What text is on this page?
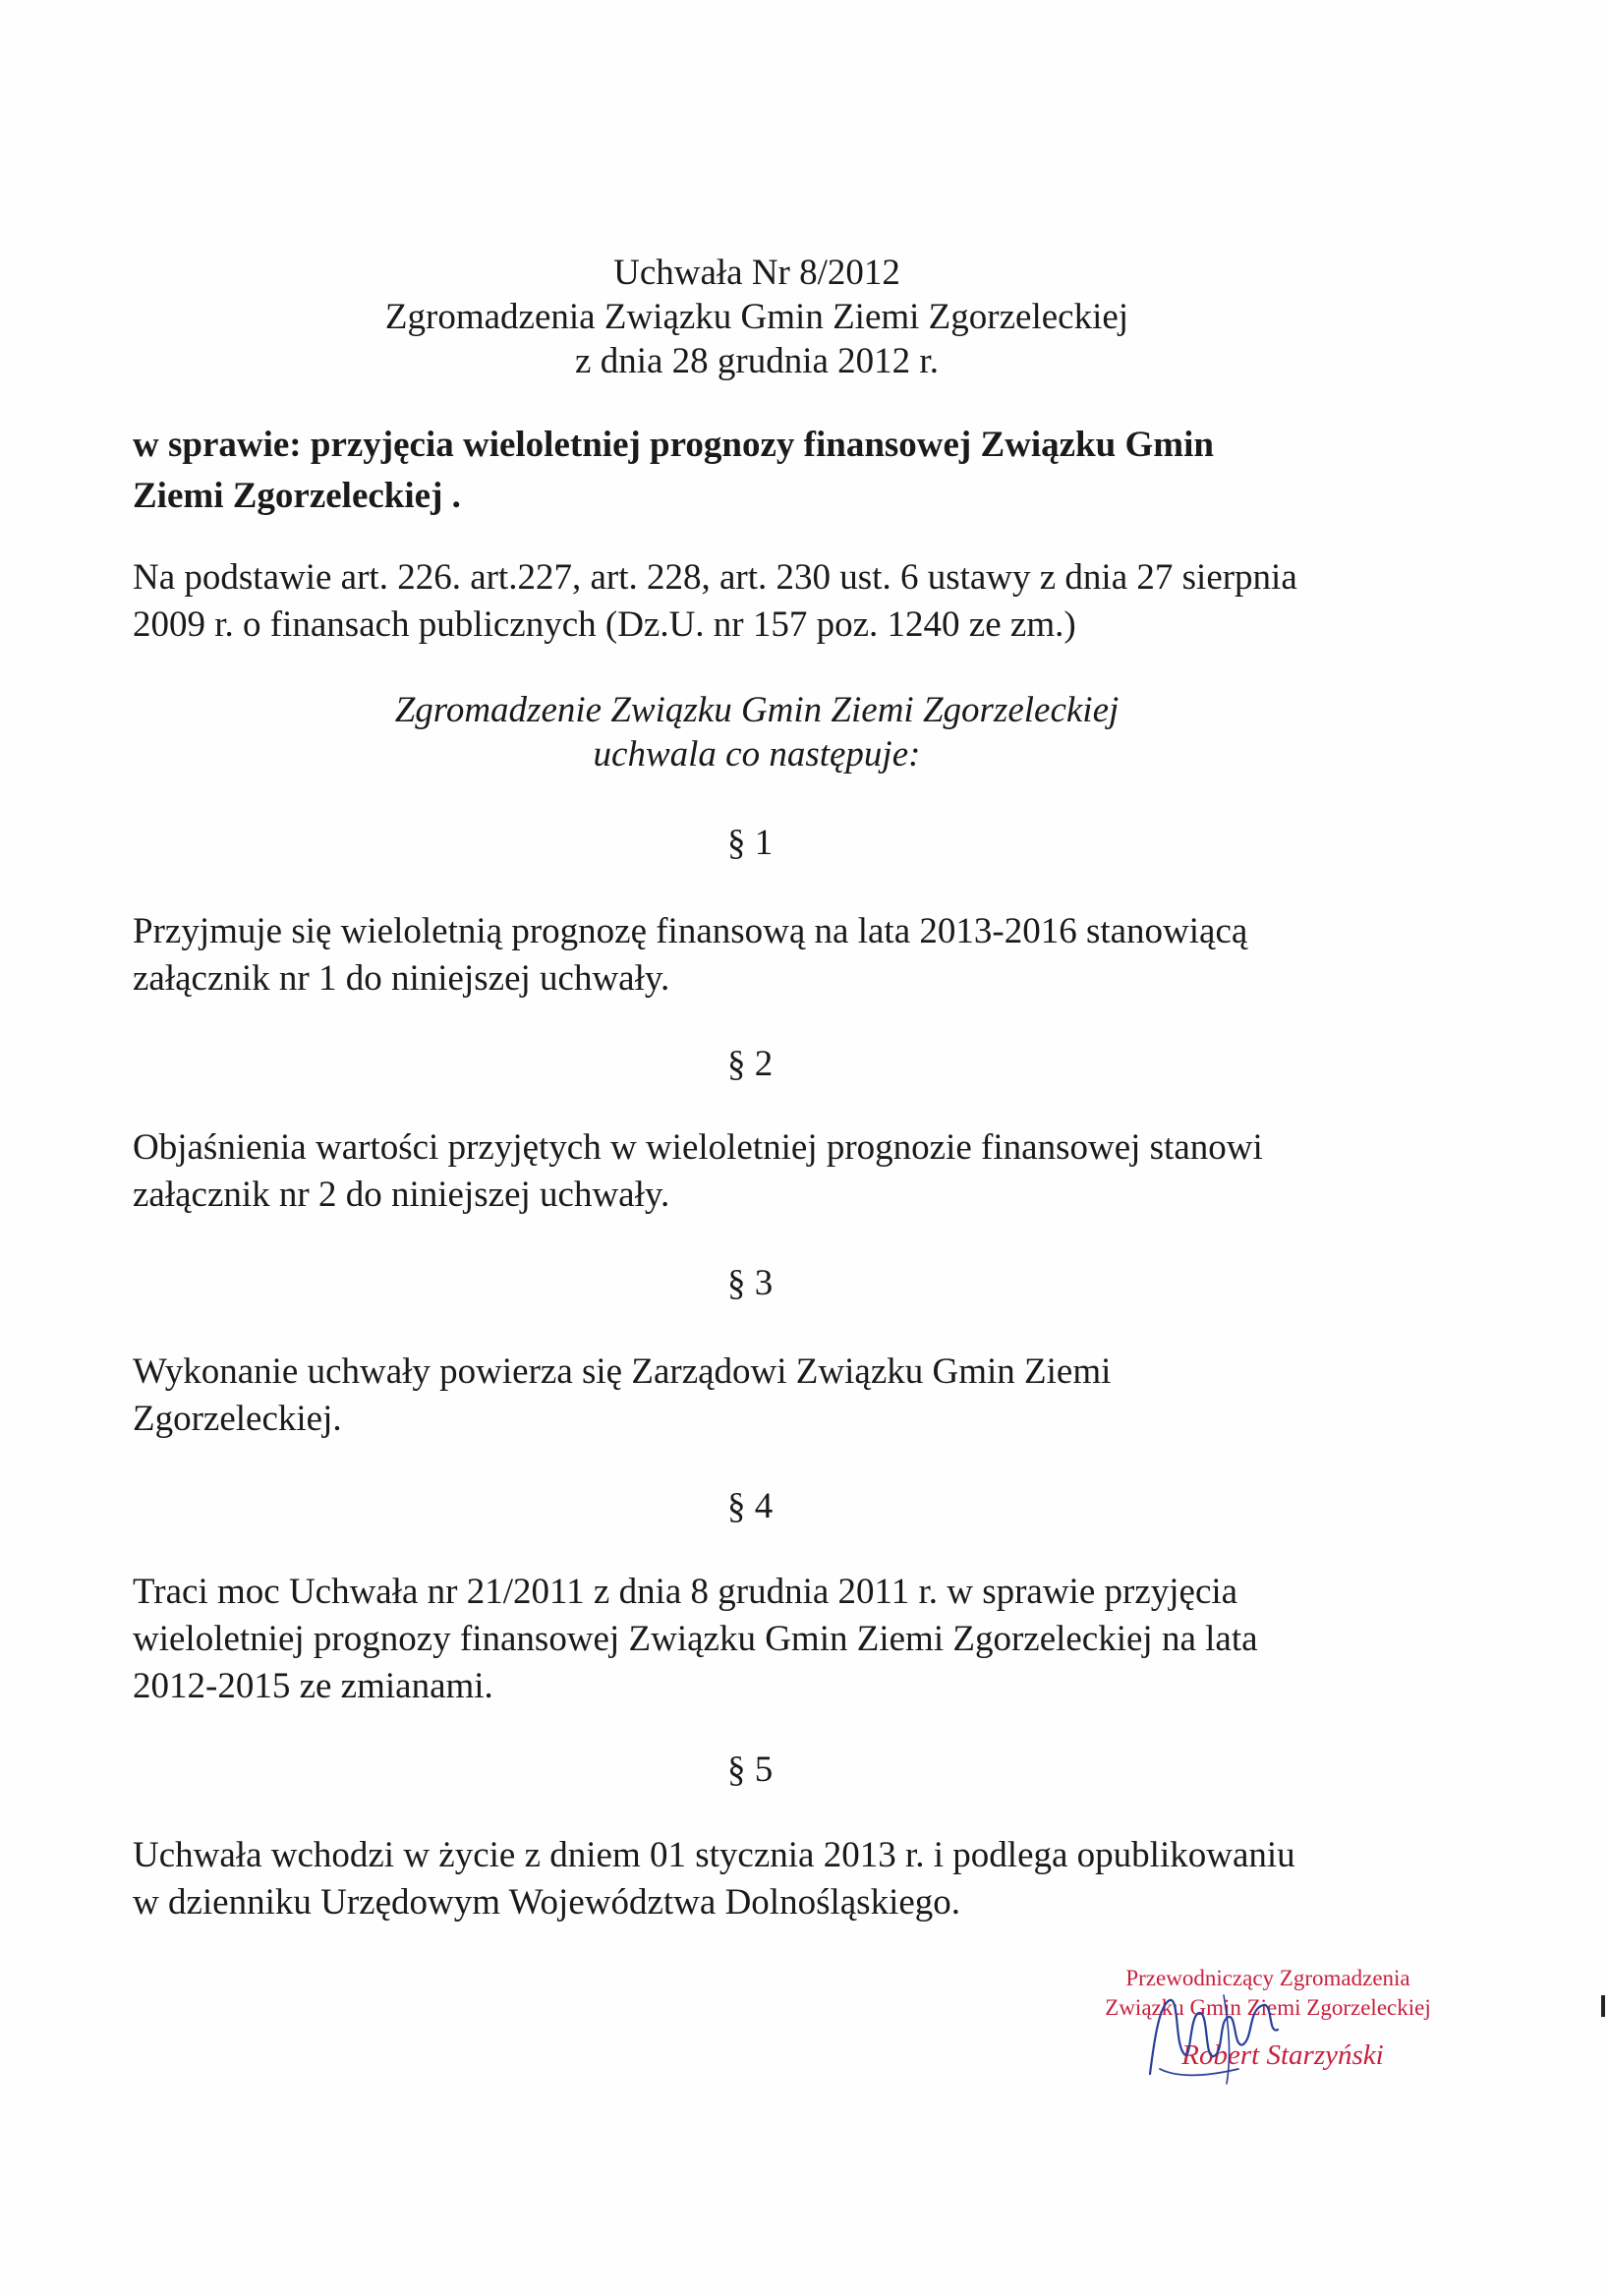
Uchwała Nr 8/2012
Zgromadzenia Związku Gmin Ziemi Zgorzeleckiej
z dnia 28 grudnia 2012 r.
w sprawie: przyjęcia wieloletniej prognozy finansowej Związku Gmin
Ziemi Zgorzeleckiej .
Na podstawie art. 226. art.227, art. 228, art. 230 ust. 6 ustawy z dnia 27 sierpnia
2009 r. o finansach publicznych (Dz.U. nr 157 poz. 1240 ze zm.)
Zgromadzenie Związku Gmin Ziemi Zgorzeleckiej
uchwala co następuje:
§ 1
Przyjmuje się wieloletnią prognozę finansową na lata 2013-2016 stanowiącą
załącznik nr 1 do niniejszej uchwały.
§ 2
Objaśnienia wartości przyjętych w wieloletniej prognozie finansowej stanowi
załącznik nr 2 do niniejszej uchwały.
§ 3
Wykonanie uchwały powierza się Zarządowi Związku Gmin Ziemi
Zgorzeleckiej.
§ 4
Traci moc Uchwała nr 21/2011 z dnia 8 grudnia 2011 r. w sprawie przyjęcia
wieloletniej prognozy finansowej Związku Gmin Ziemi Zgorzeleckiej na lata
2012-2015 ze zmianami.
§ 5
Uchwała wchodzi w życie z dniem 01 stycznia 2013 r. i podlega opublikowaniu
w dzienniku Urzędowym Województwa Dolnośląskiego.
Przewodniczący Zgromadzenia
Związku Gmin Ziemi Zgorzeleckiej
Robert Starzyński
